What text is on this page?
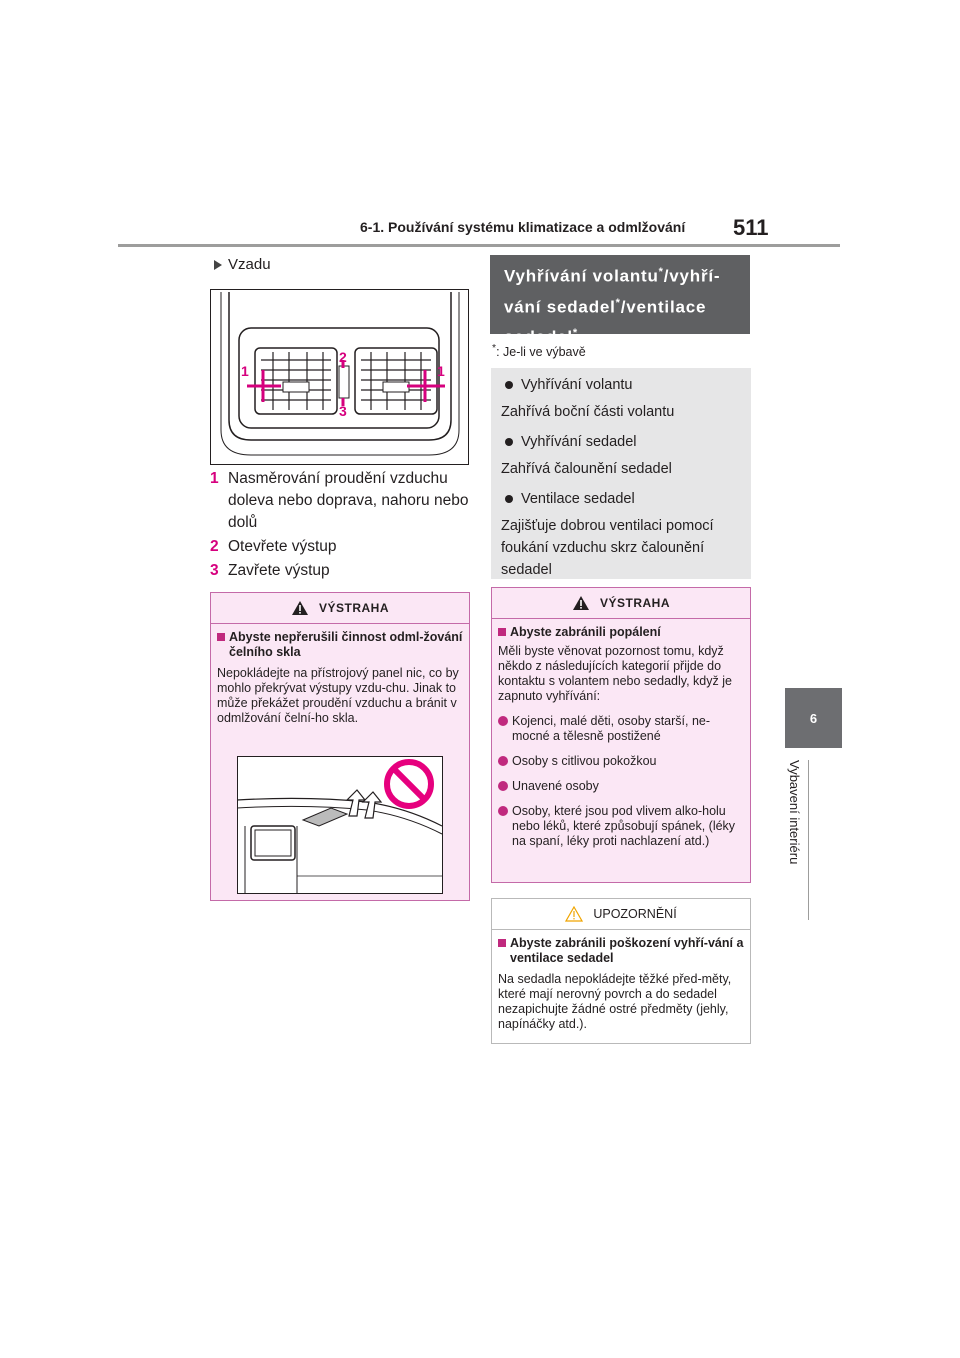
6-1. Používání systému klimatizace a odmlžování 511
6
Vybavení interiéru
Vzadu
1	1
2
3
1 Nasměrování proudění vzduchu doleva nebo doprava, nahoru nebo dolů
2 Otevřete výstup
3 Zavřete výstup
VÝSTRAHA
Abyste nepřerušili činnost odml-žování čelního skla
Nepokládejte na přístrojový panel nic, co by mohlo překrývat výstupy vzdu-chu. Jinak to může překážet proudění vzduchu a bránit v odmlžování čelní-ho skla.
Vyhřívání volantu*/vyhří-vání sedadel*/ventilace sedadel*
*: Je-li ve výbavě
Vyhřívání volantu
Zahřívá boční části volantu
Vyhřívání sedadel
Zahřívá čalounění sedadel
Ventilace sedadel
Zajišťuje dobrou ventilaci pomocí foukání vzduchu skrz čalounění sedadel
VÝSTRAHA
Abyste zabránili popálení
Měli byste věnovat pozornost tomu, když někdo z následujících kategorií přijde do kontaktu s volantem nebo sedadly, když je zapnuto vyhřívání:
Kojenci, malé děti, osoby starší, ne-mocné a tělesně postižené
Osoby s citlivou pokožkou
Unavené osoby
Osoby, které jsou pod vlivem alko-holu nebo léků, které způsobují spánek, (léky na spaní, léky proti nachlazení atd.)
UPOZORNĚNÍ
Abyste zabránili poškození vyhří-vání a ventilace sedadel
Na sedadla nepokládejte těžké před-měty, které mají nerovný povrch a do sedadel nezapichujte žádné ostré předměty (jehly, napínáčky atd.).
